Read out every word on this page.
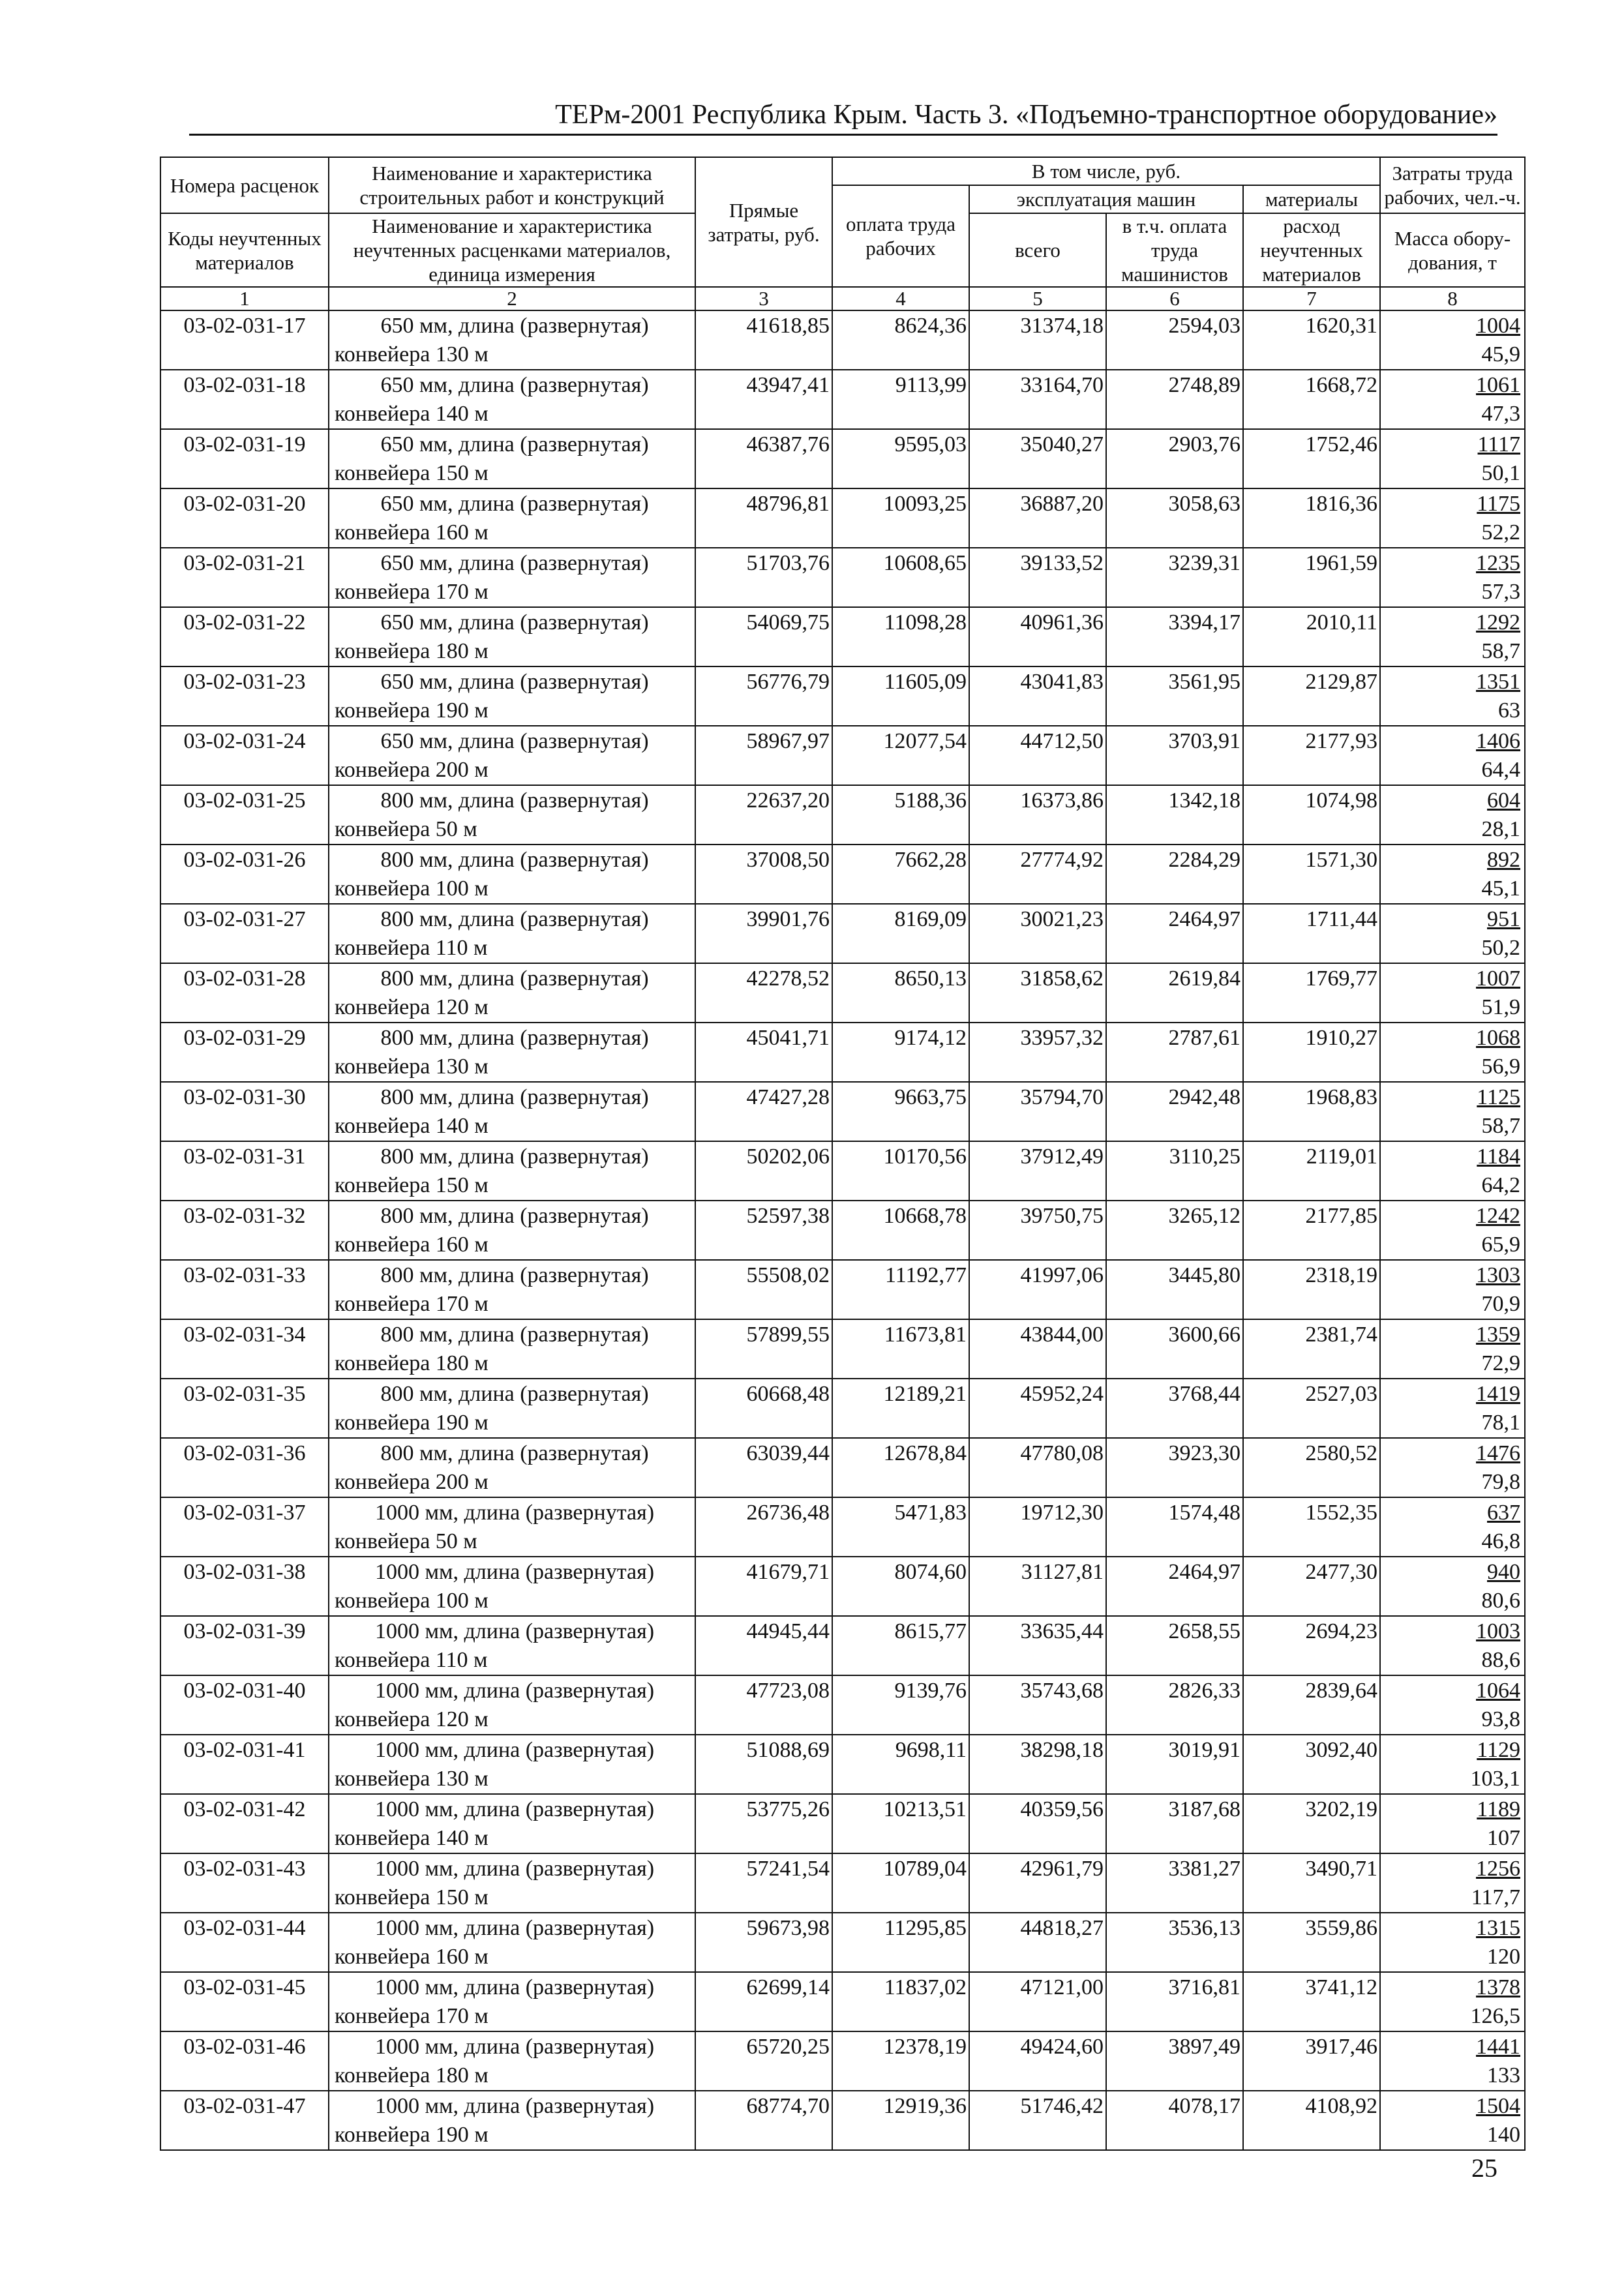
ТЕРм-2001 Республика Крым. Часть 3. «Подъемно-транспортное оборудование»
Номера расценок	Наименование и характеристика строительных работ и конструкций	Прямые затраты, руб.	В том числе, руб.				Затраты труда рабочих, чел.-ч.
			оплата труда рабочих	эксплуатация машин		материалы	
Коды неучтенных материалов	Наименование и характеристика неучтенных расценками материалов, единица измерения			всего	в т.ч. оплата труда машинистов	расход неучтенных материалов	

							Масса обору-дования, т
1	2	3	4	5	6	7	8
03-02-031-17	650 мм, длина (развернутая)
конвейера 130 м	41618,85	8624,36	31374,18	2594,03	1620,31	1004
45,9

03-02-031-18	650 мм, длина (развернутая)
конвейера 140 м	43947,41	9113,99	33164,70	2748,89	1668,72	1061
47,3

03-02-031-19	650 мм, длина (развернутая)
конвейера 150 м	46387,76	9595,03	35040,27	2903,76	1752,46	1117
50,1

03-02-031-20	650 мм, длина (развернутая)
конвейера 160 м	48796,81	10093,25	36887,20	3058,63	1816,36	1175
52,2

03-02-031-21	650 мм, длина (развернутая)
конвейера 170 м	51703,76	10608,65	39133,52	3239,31	1961,59	1235
57,3

03-02-031-22	650 мм, длина (развернутая)
конвейера 180 м	54069,75	11098,28	40961,36	3394,17	2010,11	1292
58,7

03-02-031-23	650 мм, длина (развернутая)
конвейера 190 м	56776,79	11605,09	43041,83	3561,95	2129,87	1351
63

03-02-031-24	650 мм, длина (развернутая)
конвейера 200 м	58967,97	12077,54	44712,50	3703,91	2177,93	1406
64,4

03-02-031-25	800 мм, длина (развернутая)
конвейера 50 м	22637,20	5188,36	16373,86	1342,18	1074,98	604
28,1

03-02-031-26	800 мм, длина (развернутая)
конвейера 100 м	37008,50	7662,28	27774,92	2284,29	1571,30	892
45,1

03-02-031-27	800 мм, длина (развернутая)
конвейера 110 м	39901,76	8169,09	30021,23	2464,97	1711,44	951
50,2

03-02-031-28	800 мм, длина (развернутая)
конвейера 120 м	42278,52	8650,13	31858,62	2619,84	1769,77	1007
51,9

03-02-031-29	800 мм, длина (развернутая)
конвейера 130 м	45041,71	9174,12	33957,32	2787,61	1910,27	1068
56,9

03-02-031-30	800 мм, длина (развернутая)
конвейера 140 м	47427,28	9663,75	35794,70	2942,48	1968,83	1125
58,7

03-02-031-31	800 мм, длина (развернутая)
конвейера 150 м	50202,06	10170,56	37912,49	3110,25	2119,01	1184
64,2

03-02-031-32	800 мм, длина (развернутая)
конвейера 160 м	52597,38	10668,78	39750,75	3265,12	2177,85	1242
65,9

03-02-031-33	800 мм, длина (развернутая)
конвейера 170 м	55508,02	11192,77	41997,06	3445,80	2318,19	1303
70,9

03-02-031-34	800 мм, длина (развернутая)
конвейера 180 м	57899,55	11673,81	43844,00	3600,66	2381,74	1359
72,9

03-02-031-35	800 мм, длина (развернутая)
конвейера 190 м	60668,48	12189,21	45952,24	3768,44	2527,03	1419
78,1

03-02-031-36	800 мм, длина (развернутая)
конвейера 200 м	63039,44	12678,84	47780,08	3923,30	2580,52	1476
79,8

03-02-031-37	1000 мм, длина (развернутая)
конвейера 50 м	26736,48	5471,83	19712,30	1574,48	1552,35	637
46,8

03-02-031-38	1000 мм, длина (развернутая)
конвейера 100 м	41679,71	8074,60	31127,81	2464,97	2477,30	940
80,6

03-02-031-39	1000 мм, длина (развернутая)
конвейера 110 м	44945,44	8615,77	33635,44	2658,55	2694,23	1003
88,6

03-02-031-40	1000 мм, длина (развернутая)
конвейера 120 м	47723,08	9139,76	35743,68	2826,33	2839,64	1064
93,8

03-02-031-41	1000 мм, длина (развернутая)
конвейера 130 м	51088,69	9698,11	38298,18	3019,91	3092,40	1129
103,1

03-02-031-42	1000 мм, длина (развернутая)
конвейера 140 м	53775,26	10213,51	40359,56	3187,68	3202,19	1189
107

03-02-031-43	1000 мм, длина (развернутая)
конвейера 150 м	57241,54	10789,04	42961,79	3381,27	3490,71	1256
117,7

03-02-031-44	1000 мм, длина (развернутая)
конвейера 160 м	59673,98	11295,85	44818,27	3536,13	3559,86	1315
120

03-02-031-45	1000 мм, длина (развернутая)
конвейера 170 м	62699,14	11837,02	47121,00	3716,81	3741,12	1378
126,5

03-02-031-46	1000 мм, длина (развернутая)
конвейера 180 м	65720,25	12378,19	49424,60	3897,49	3917,46	1441
133

03-02-031-47	1000 мм, длина (развернутая)
конвейера 190 м	68774,70	12919,36	51746,42	4078,17	4108,92	1504
140
25
